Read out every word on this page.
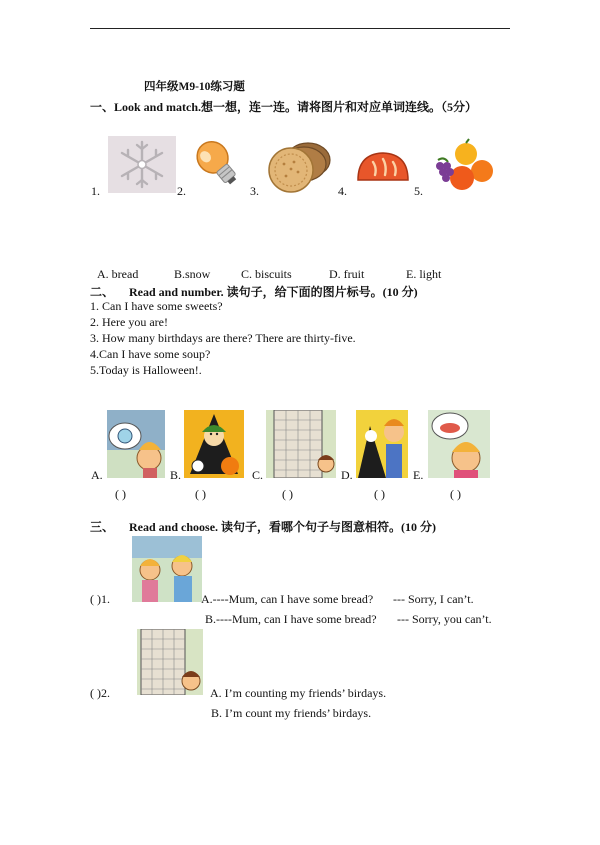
四年级M9-10练习题
一、Look and match.想一想，连一连。请将图片和对应单词连线。（5分）
1.	2.	3.	4.	5.
A. bread	B.snow	C. biscuits	D. fruit	E. light
二、 Read and number. 读句子，给下面的图片标号。(10 分)
1. Can I have some sweets?
2. Here you are!
3. How many birthdays are there? There are thirty-five.
4.Can I have some soup?
5.Today is Halloween!.
A.	B.	C.	D.	E.
( )	( )	( )	( )	( )
三、 Read and choose. 读句子，看哪个句子与图意相符。(10 分)
( )1.	A.----Mum, can I have some bread? --- Sorry, I can’t.
B.----Mum, can I have some bread? --- Sorry, you can’t.
( )2.	A. I’m counting my friends’ birdays.
B. I’m count my friends’ birdays.
